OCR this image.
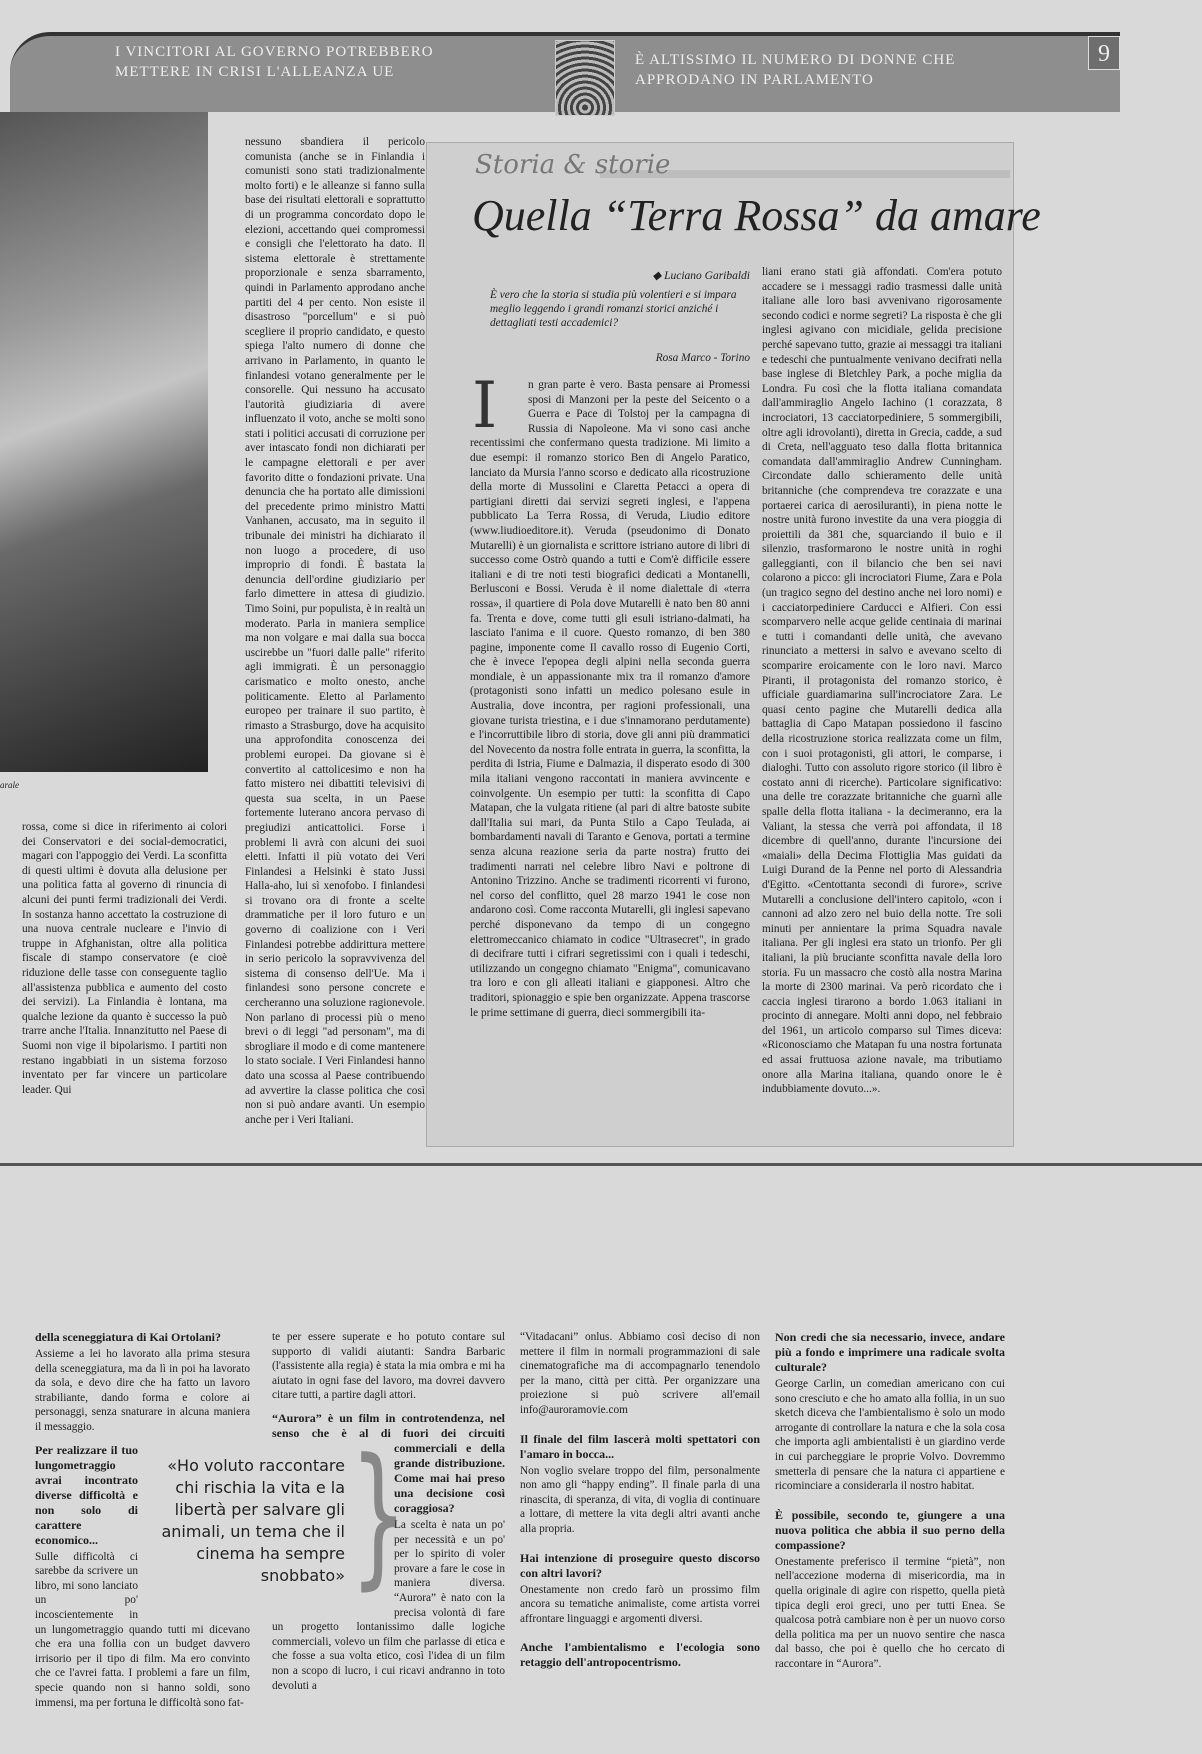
I VINCITORI AL GOVERNO POTREBBERO METTERE IN CRISI L'ALLEANZA UE
È ALTISSIMO IL NUMERO DI DONNE CHE APPRODANO IN PARLAMENTO
9
arale
rossa, come si dice in riferimento ai colori dei Conservatori e dei social-democratici, magari con l'appoggio dei Verdi. La sconfitta di questi ultimi è dovuta alla delusione per una politica fatta al governo di rinuncia di alcuni dei punti fermi tradizionali dei Verdi. In sostanza hanno accettato la costruzione di una nuova centrale nucleare e l'invio di truppe in Afghanistan, oltre alla politica fiscale di stampo conservatore (e cioè riduzione delle tasse con conseguente taglio all'assistenza pubblica e aumento del costo dei servizi). La Finlandia è lontana, ma qualche lezione da quanto è successo la può trarre anche l'Italia. Innanzitutto nel Paese di Suomi non vige il bipolarismo. I partiti non restano ingabbiati in un sistema forzoso inventato per far vincere un particolare leader. Qui
nessuno sbandiera il pericolo comunista (anche se in Finlandia i comunisti sono stati tradizionalmente molto forti) e le alleanze si fanno sulla base dei risultati elettorali e soprattutto di un programma concordato dopo le elezioni, accettando quei compromessi e consigli che l'elettorato ha dato. Il sistema elettorale è strettamente proporzionale e senza sbarramento, quindi in Parlamento approdano anche partiti del 4 per cento. Non esiste il disastroso "porcellum" e si può scegliere il proprio candidato, e questo spiega l'alto numero di donne che arrivano in Parlamento, in quanto le finlandesi votano generalmente per le consorelle. Qui nessuno ha accusato l'autorità giudiziaria di avere influenzato il voto, anche se molti sono stati i politici accusati di corruzione per aver intascato fondi non dichiarati per le campagne elettorali e per aver favorito ditte o fondazioni private. Una denuncia che ha portato alle dimissioni del precedente primo ministro Matti Vanhanen, accusato, ma in seguito il tribunale dei ministri ha dichiarato il non luogo a procedere, di uso improprio di fondi. È bastata la denuncia dell'ordine giudiziario per farlo dimettere in attesa di giudizio. Timo Soini, pur populista, è in realtà un moderato. Parla in maniera semplice ma non volgare e mai dalla sua bocca uscirebbe un "fuori dalle palle" riferito agli immigrati. È un personaggio carismatico e molto onesto, anche politicamente. Eletto al Parlamento europeo per trainare il suo partito, è rimasto a Strasburgo, dove ha acquisito una approfondita conoscenza dei problemi europei. Da giovane si è convertito al cattolicesimo e non ha fatto mistero nei dibattiti televisivi di questa sua scelta, in un Paese fortemente luterano ancora pervaso di pregiudizi anticattolici. Forse i problemi li avrà con alcuni dei suoi eletti. Infatti il più votato dei Veri Finlandesi a Helsinki è stato Jussi Halla-aho, lui sì xenofobo. I finlandesi si trovano ora di fronte a scelte drammatiche per il loro futuro e un governo di coalizione con i Veri Finlandesi potrebbe addirittura mettere in serio pericolo la sopravvivenza del sistema di consenso dell'Ue. Ma i finlandesi sono persone concrete e cercheranno una soluzione ragionevole. Non parlano di processi più o meno brevi o di leggi "ad personam", ma di sbrogliare il modo e di come mantenere lo stato sociale. I Veri Finlandesi hanno dato una scossa al Paese contribuendo ad avvertire la classe politica che così non si può andare avanti. Un esempio anche per i Veri Italiani.
Storia & storie
Quella “Terra Rossa” da amare
◆ Luciano Garibaldi
È vero che la storia si studia più volentieri e si impara meglio leggendo i grandi romanzi storici anziché i dettagliati testi accademici?
Rosa Marco - Torino
I	n gran parte è vero. Basta pensare ai Promessi sposi di Manzoni per la peste del Seicento o a Guerra e Pace di Tolstoj per la campagna di Russia di Napoleone. Ma vi sono casi anche recentissimi che confermano questa tradizione. Mi limito a due esempi: il romanzo storico Ben di Angelo Paratico, lanciato da Mursia l'anno scorso e dedicato alla ricostruzione della morte di Mussolini e Claretta Petacci a opera di partigiani diretti dai servizi segreti inglesi, e l'appena pubblicato La Terra Rossa, di Veruda, Liudio editore (www.liudioeditore.it). Veruda (pseudonimo di Donato Mutarelli) è un giornalista e scrittore istriano autore di libri di successo come Ostrò quando a tutti e Com'è difficile essere italiani e di tre noti testi biografici dedicati a Montanelli, Berlusconi e Bossi. Veruda è il nome dialettale di «terra rossa», il quartiere di Pola dove Mutarelli è nato ben 80 anni fa. Trenta e dove, come tutti gli esuli istriano-dalmati, ha lasciato l'anima e il cuore. Questo romanzo, di ben 380 pagine, imponente come Il cavallo rosso di Eugenio Corti, che è invece l'epopea degli alpini nella seconda guerra mondiale, è un appassionante mix tra il romanzo d'amore (protagonisti sono infatti un medico polesano esule in Australia, dove incontra, per ragioni professionali, una giovane turista triestina, e i due s'innamorano perdutamente) e l'incorruttibile libro di storia, dove gli anni più drammatici del Novecento da nostra folle entrata in guerra, la sconfitta, la perdita di Istria, Fiume e Dalmazia, il disperato esodo di 300 mila italiani vengono raccontati in maniera avvincente e coinvolgente. Un esempio per tutti: la sconfitta di Capo Matapan, che la vulgata ritiene (al pari di altre batoste subite dall'Italia sui mari, da Punta Stilo a Capo Teulada, ai bombardamenti navali di Taranto e Genova, portati a termine senza alcuna reazione seria da parte nostra) frutto dei tradimenti narrati nel celebre libro Navi e poltrone di Antonino Trizzino. Anche se tradimenti ricorrenti vi furono, nel corso del conflitto, quel 28 marzo 1941 le cose non andarono così. Come racconta Mutarelli, gli inglesi sapevano perché disponevano da tempo di un congegno elettromeccanico chiamato in codice "Ultrasecret", in grado di decifrare tutti i cifrari segretissimi con i quali i tedeschi, utilizzando un congegno chiamato "Enigma", comunicavano tra loro e con gli alleati italiani e giapponesi. Altro che traditori, spionaggio e spie ben organizzate. Appena trascorse le prime settimane di guerra, dieci sommergibili ita-
liani erano stati già affondati. Com'era potuto accadere se i messaggi radio trasmessi dalle unità italiane alle loro basi avvenivano rigorosamente secondo codici e norme segreti? La risposta è che gli inglesi agivano con micidiale, gelida precisione perché sapevano tutto, grazie ai messaggi tra italiani e tedeschi che puntualmente venivano decifrati nella base inglese di Bletchley Park, a poche miglia da Londra. Fu così che la flotta italiana comandata dall'ammiraglio Angelo Iachino (1 corazzata, 8 incrociatori, 13 cacciatorpediniere, 5 sommergibili, oltre agli idrovolanti), diretta in Grecia, cadde, a sud di Creta, nell'agguato teso dalla flotta britannica comandata dall'ammiraglio Andrew Cunningham. Circondate dallo schieramento delle unità britanniche (che comprendeva tre corazzate e una portaerei carica di aerosiluranti), in piena notte le nostre unità furono investite da una vera pioggia di proiettili da 381 che, squarciando il buio e il silenzio, trasformarono le nostre unità in roghi galleggianti, con il bilancio che ben sei navi colarono a picco: gli incrociatori Fiume, Zara e Pola (un tragico segno del destino anche nei loro nomi) e i cacciatorpediniere Carducci e Alfieri. Con essi scomparvero nelle acque gelide centinaia di marinai e tutti i comandanti delle unità, che avevano rinunciato a mettersi in salvo e avevano scelto di scomparire eroicamente con le loro navi. Marco Piranti, il protagonista del romanzo storico, è ufficiale guardiamarina sull'incrociatore Zara. Le quasi cento pagine che Mutarelli dedica alla battaglia di Capo Matapan possiedono il fascino della ricostruzione storica realizzata come un film, con i suoi protagonisti, gli attori, le comparse, i dialoghi. Tutto con assoluto rigore storico (il libro è costato anni di ricerche). Particolare significativo: una delle tre corazzate britanniche che guarnì alle spalle della flotta italiana - la decimeranno, era la Valiant, la stessa che verrà poi affondata, il 18 dicembre di quell'anno, durante l'incursione dei «maiali» della Decima Flottiglia Mas guidati da Luigi Durand de la Penne nel porto di Alessandria d'Egitto. «Centottanta secondi di furore», scrive Mutarelli a conclusione dell'intero capitolo, «con i cannoni ad alzo zero nel buio della notte. Tre soli minuti per annientare la prima Squadra navale italiana. Per gli inglesi era stato un trionfo. Per gli italiani, la più bruciante sconfitta navale della loro storia. Fu un massacro che costò alla nostra Marina la morte di 2300 marinai. Va però ricordato che i caccia inglesi tirarono a bordo 1.063 italiani in procinto di annegare. Molti anni dopo, nel febbraio del 1961, un articolo comparso sul Times diceva: «Riconosciamo che Matapan fu una nostra fortunata ed assai fruttuosa azione navale, ma tributiamo onore alla Marina italiana, quando onore le è indubbiamente dovuto...».
della sceneggiatura di Kai Ortolani?
Assieme a lei ho lavorato alla prima stesura della sceneggiatura, ma da lì in poi ha lavorato da sola, e devo dire che ha fatto un lavoro strabiliante, dando forma e colore ai personaggi, senza snaturare in alcuna maniera il messaggio.
Per realizzare il tuo lungometraggio avrai incontrato diverse difficoltà e non solo di carattere economico...
Sulle difficoltà ci sarebbe da scrivere un libro, mi sono lanciato un po' incoscientemente in un lungometraggio quando tutti mi dicevano che era una follia con un budget davvero irrisorio per il tipo di film. Ma ero convinto che ce l'avrei fatta. I problemi a fare un film, specie quando non si hanno soldi, sono immensi, ma per fortuna le difficoltà sono fat-
«Ho voluto raccontare chi rischia la vita e la libertà per salvare gli animali, un tema che il cinema ha sempre snobbato» }
te per essere superate e ho potuto contare sul supporto di validi aiutanti: Sandra Barbaric (l'assistente alla regia) è stata la mia ombra e mi ha aiutato in ogni fase del lavoro, ma dovrei davvero citare tutti, a partire dagli attori.
“Aurora” è un film in controtendenza, nel senso che è al di fuori dei circuiti commerciali e della grande distribuzione. Come mai hai preso una decisione così coraggiosa?
La scelta è nata un po' per necessità e un po' per lo spirito di voler provare a fare le cose in maniera diversa. “Aurora” è nato con la precisa volontà di fare un progetto lontanissimo dalle logiche commerciali, volevo un film che parlasse di etica e che fosse a sua volta etico, così l'idea di un film non a scopo di lucro, i cui ricavi andranno in toto devoluti a
“Vitadacani” onlus. Abbiamo così deciso di non mettere il film in normali programmazioni di sale cinematografiche ma di accompagnarlo tenendolo per la mano, città per città. Per organizzare una proiezione si può scrivere all'email info@auroramovie.com
Il finale del film lascerà molti spettatori con l'amaro in bocca...
Non voglio svelare troppo del film, personalmente non amo gli “happy ending”. Il finale parla di una rinascita, di speranza, di vita, di voglia di continuare a lottare, di mettere la vita degli altri avanti anche alla propria.
Hai intenzione di proseguire questo discorso con altri lavori?
Onestamente non credo farò un prossimo film ancora su tematiche animaliste, come artista vorrei affrontare linguaggi e argomenti diversi.
Anche l'ambientalismo e l'ecologia sono retaggio dell'antropocentrismo.
Non credi che sia necessario, invece, andare più a fondo e imprimere una radicale svolta culturale?
George Carlin, un comedian americano con cui sono cresciuto e che ho amato alla follia, in un suo sketch diceva che l'ambientalismo è solo un modo arrogante di controllare la natura e che la sola cosa che importa agli ambientalisti è un giardino verde in cui parcheggiare le proprie Volvo. Dovremmo smetterla di pensare che la natura ci appartiene e ricominciare a considerarla il nostro habitat.
È possibile, secondo te, giungere a una nuova politica che abbia il suo perno della compassione?
Onestamente preferisco il termine “pietà”, non nell'accezione moderna di misericordia, ma in quella originale di agire con rispetto, quella pietà tipica degli eroi greci, uno per tutti Enea. Se qualcosa potrà cambiare non è per un nuovo corso della politica ma per un nuovo sentire che nasca dal basso, che poi è quello che ho cercato di raccontare in “Aurora”.
